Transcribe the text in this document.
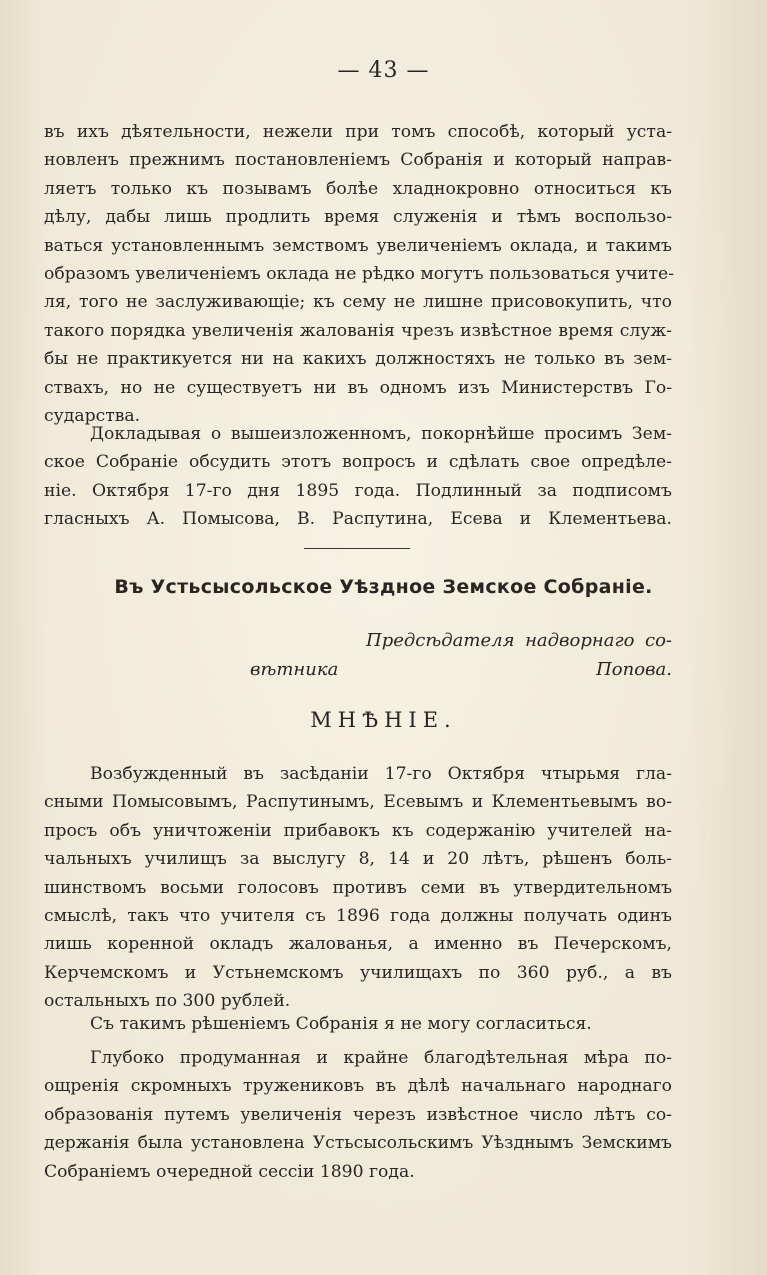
— 43 —
въ ихъ дѣятельности, нежели при томъ способѣ, который уста-
новленъ прежнимъ постановленіемъ Собранія и который направ-
ляетъ только къ позывамъ болѣе хладнокровно относиться къ
дѣлу, дабы лишь продлить время служенія и тѣмъ воспользо-
ваться установленнымъ земствомъ увеличеніемъ оклада, и такимъ
образомъ увеличеніемъ оклада не рѣдко могутъ пользоваться учите-
ля, того не заслуживающіе; къ сему не лишне присовокупить, что
такого порядка увеличенія жалованія чрезъ извѣстное время служ-
бы не практикуется ни на какихъ должностяхъ не только въ зем-
ствахъ, но не существуетъ ни въ одномъ изъ Министерствъ Го-
сударства.
Докладывая о вышеизложенномъ, покорнѣйше просимъ Зем-
ское Собраніе обсудить этотъ вопросъ и сдѣлать свое опредѣле-
ніе. Октября 17-го дня 1895 года. Подлинный за подписомъ
гласныхъ А. Помысова, В. Распутина, Есева и Клементьева.
Въ Устьсысольское Уѣздное Земское Собраніе.
Предсѣдателя надворнаго со-
вѣтника Попова.
МНѢНІЕ.
Возбужденный въ засѣданіи 17-го Октября чтырьмя гла-
сными Помысовымъ, Распутинымъ, Есевымъ и Клементьевымъ во-
просъ объ уничтоженіи прибавокъ къ содержанію учителей на-
чальныхъ училищъ за выслугу 8, 14 и 20 лѣтъ, рѣшенъ боль-
шинствомъ восьми голосовъ противъ семи въ утвердительномъ
смыслѣ, такъ что учителя съ 1896 года должны получать одинъ
лишь коренной окладъ жалованья, а именно въ Печерскомъ,
Керчемскомъ и Устьнемскомъ училищахъ по 360 руб., а въ
остальныхъ по 300 рублей.
Съ такимъ рѣшеніемъ Собранія я не могу согласиться.
Глубоко продуманная и крайне благодѣтельная мѣра по-
ощренія скромныхъ тружениковъ въ дѣлѣ начальнаго народнаго
образованія путемъ увеличенія черезъ извѣстное число лѣтъ со-
держанія была установлена Устьсысольскимъ Уѣзднымъ Земскимъ
Собраніемъ очередной сессіи 1890 года.
